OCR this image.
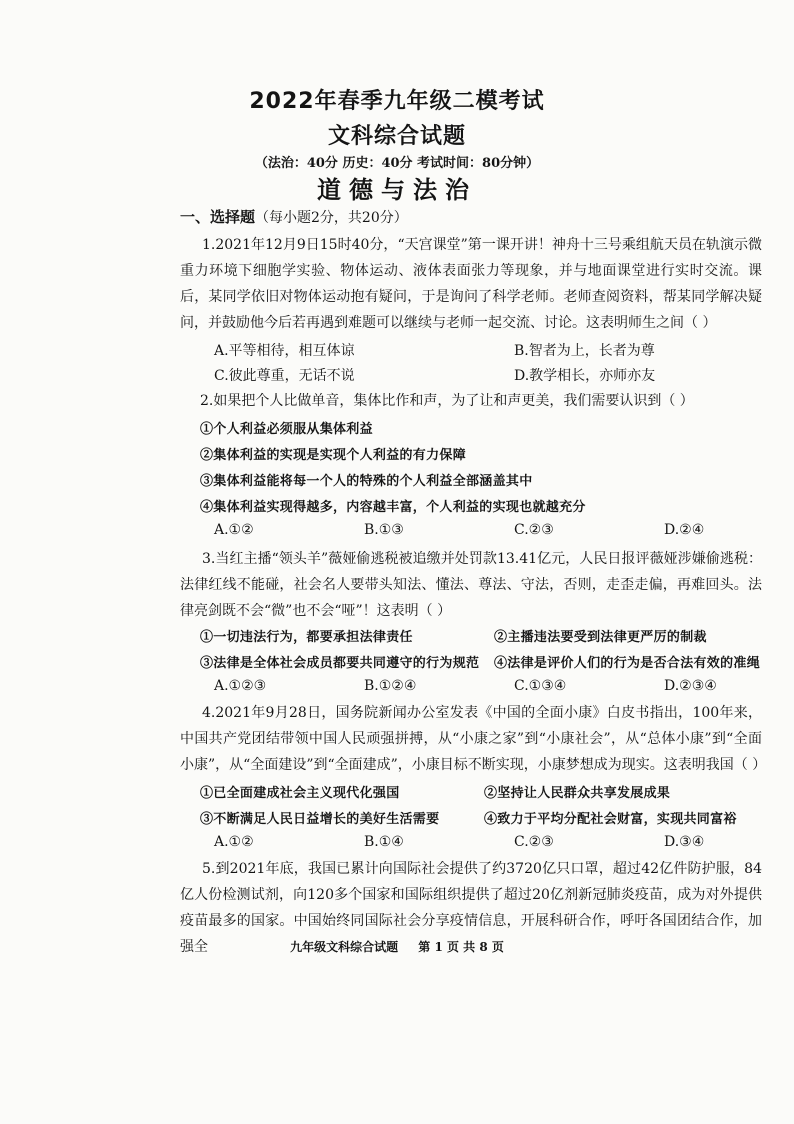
2022年春季九年级二模考试
文科综合试题
（法治：40分 历史：40分 考试时间：80分钟）
道德与法治
一、选择题（每小题2分，共20分）
1.2021年12月9日15时40分，“天宫课堂”第一课开讲！神舟十三号乘组航天员在轨演示微重力环境下细胞学实验、物体运动、液体表面张力等现象，并与地面课堂进行实时交流。课后，某同学依旧对物体运动抱有疑问，于是询问了科学老师。老师查阅资料，帮某同学解决疑问，并鼓励他今后若再遇到难题可以继续与老师一起交流、讨论。这表明师生之间（ ）
A.平等相待，相互体谅	B.智者为上，长者为尊
C.彼此尊重，无话不说	D.教学相长，亦师亦友
2.如果把个人比做单音，集体比作和声，为了让和声更美，我们需要认识到（ ）
①个人利益必须服从集体利益
②集体利益的实现是实现个人利益的有力保障
③集体利益能将每一个人的特殊的个人利益全部涵盖其中
④集体利益实现得越多，内容越丰富，个人利益的实现也就越充分
A.①②	B.①③	C.②③	D.②④
3.当红主播“领头羊”薇娅偷逃税被追缴并处罚款13.41亿元，人民日报评薇娅涉嫌偷逃税：法律红线不能碰，社会名人要带头知法、懂法、尊法、守法，否则，走歪走偏，再难回头。法律亮剑既不会“微”也不会“哑”！这表明（ ）
①一切违法行为，都要承担法律责任	②主播违法要受到法律更严厉的制裁
③法律是全体社会成员都要共同遵守的行为规范 ④法律是评价人们的行为是否合法有效的准绳
A.①②③	B.①②④	C.①③④	D.②③④
4.2021年9月28日，国务院新闻办公室发表《中国的全面小康》白皮书指出，100年来，中国共产党团结带领中国人民顽强拼搏，从“小康之家”到“小康社会”，从“总体小康”到“全面小康”，从“全面建设”到“全面建成”，小康目标不断实现，小康梦想成为现实。这表明我国（ ）
①已全面建成社会主义现代化强国	②坚持让人民群众共享发展成果
③不断满足人民日益增长的美好生活需要	④致力于平均分配社会财富，实现共同富裕
A.①②	B.①④	C.②③	D.③④
5.到2021年底，我国已累计向国际社会提供了约3720亿只口罩，超过42亿件防护服，84亿人份检测试剂，向120多个国家和国际组织提供了超过20亿剂新冠肺炎疫苗，成为对外提供疫苗最多的国家。中国始终同国际社会分享疫情信息，开展科研合作，呼吁各国团结合作，加强全	九年级文科综合试题 第 1 页 共 8 页
